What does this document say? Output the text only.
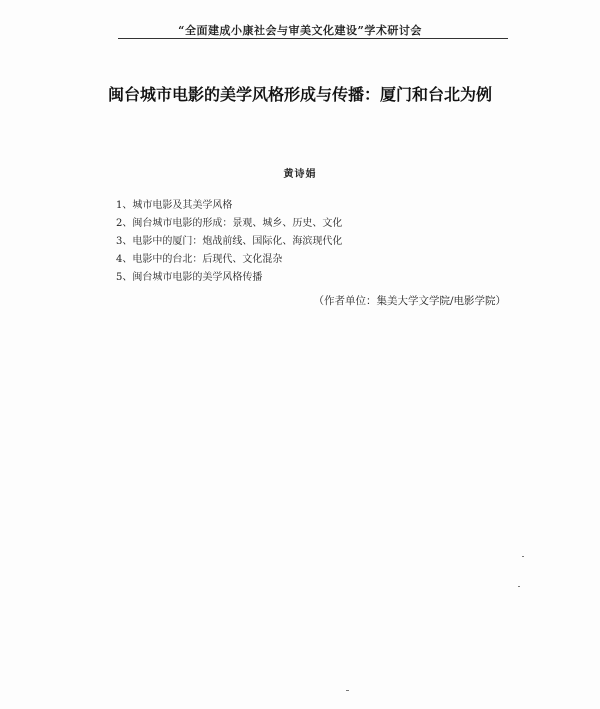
“全面建成小康社会与审美文化建设”学术研讨会
闽台城市电影的美学风格形成与传播：厦门和台北为例
黄诗娟
1、城市电影及其美学风格
2、闽台城市电影的形成：景观、城乡、历史、文化
3、电影中的厦门：炮战前线、国际化、海滨现代化
4、电影中的台北：后现代、文化混杂
5、闽台城市电影的美学风格传播
（作者单位：集美大学文学院/电影学院）
